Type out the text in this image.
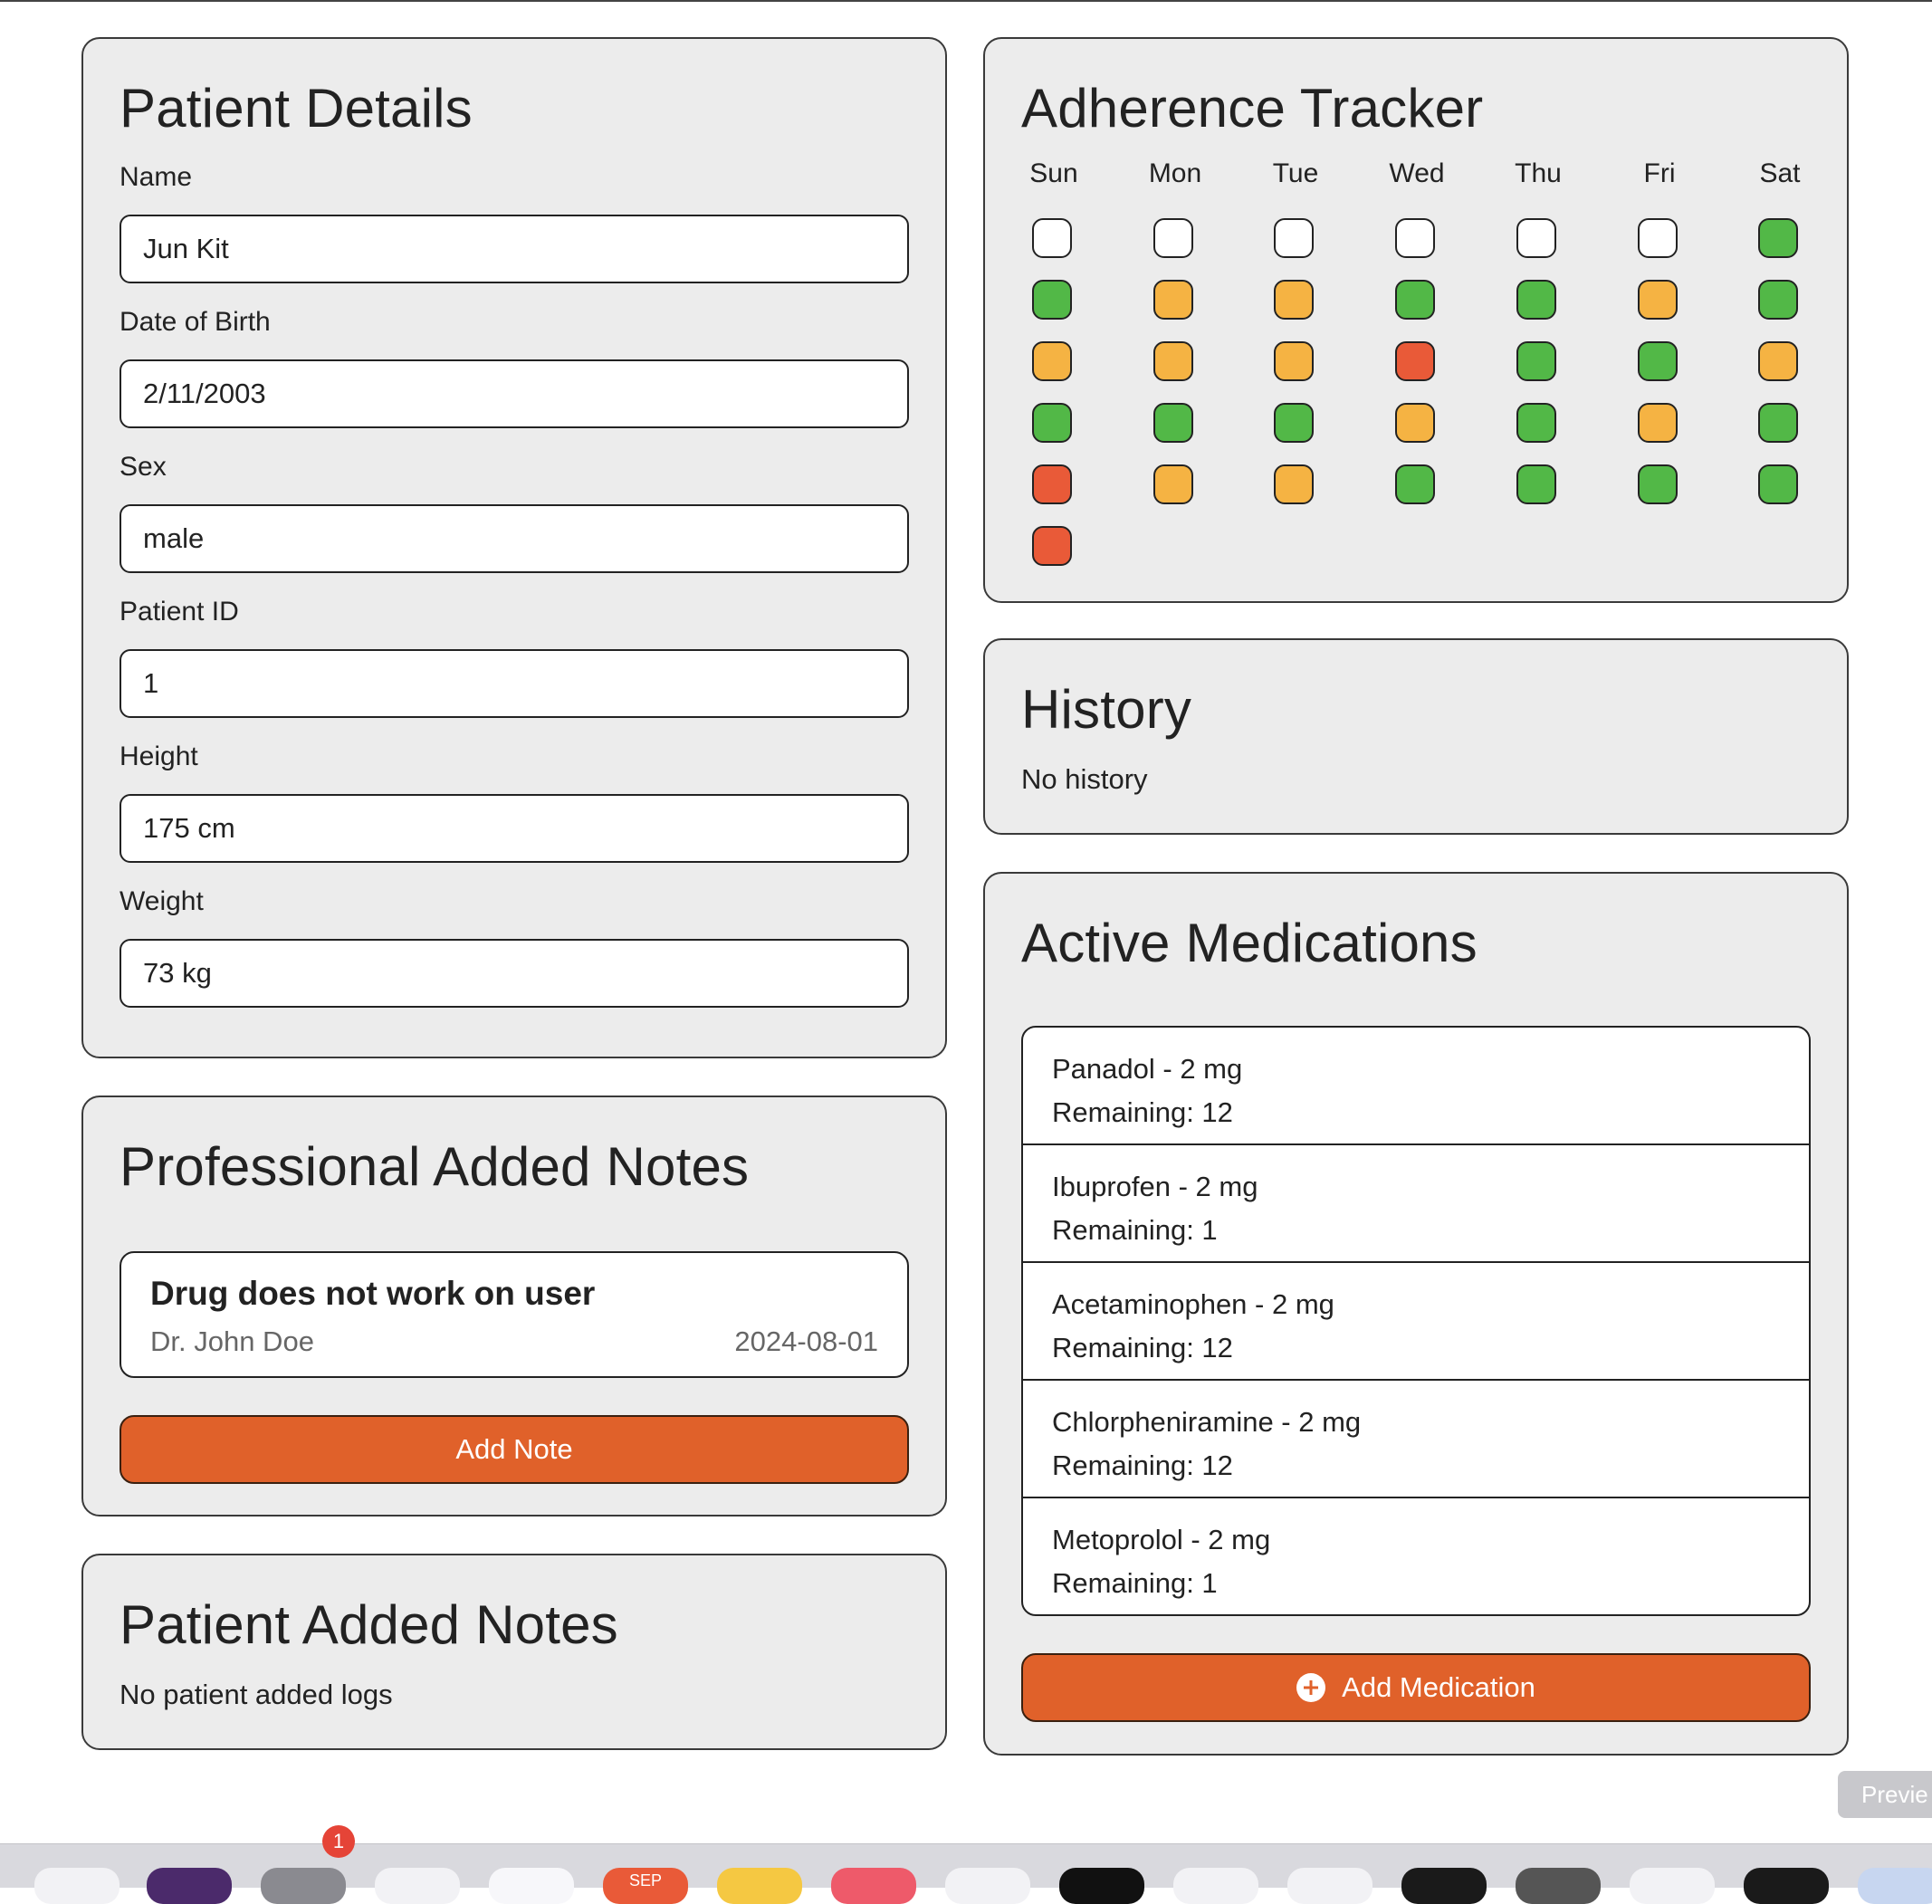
Patient Details
Name
Jun Kit
Date of Birth
2/11/2003
Sex
male
Patient ID
1
Height
175 cm
Weight
73 kg
Adherence Tracker
Sun	Mon	Tue	Wed	Thu	Fri	Sat
History
No history
Professional Added Notes
Drug does not work on user
Dr. John Doe	2024-08-01
Add Note
Patient Added Notes
No patient added logs
Active Medications
Panadol - 2 mg
Remaining: 12
Ibuprofen - 2 mg
Remaining: 1
Acetaminophen - 2 mg
Remaining: 12
Chlorpheniramine - 2 mg
Remaining: 12
Metoprolol - 2 mg
Remaining: 1
Add Medication
SEP
1
Previe
